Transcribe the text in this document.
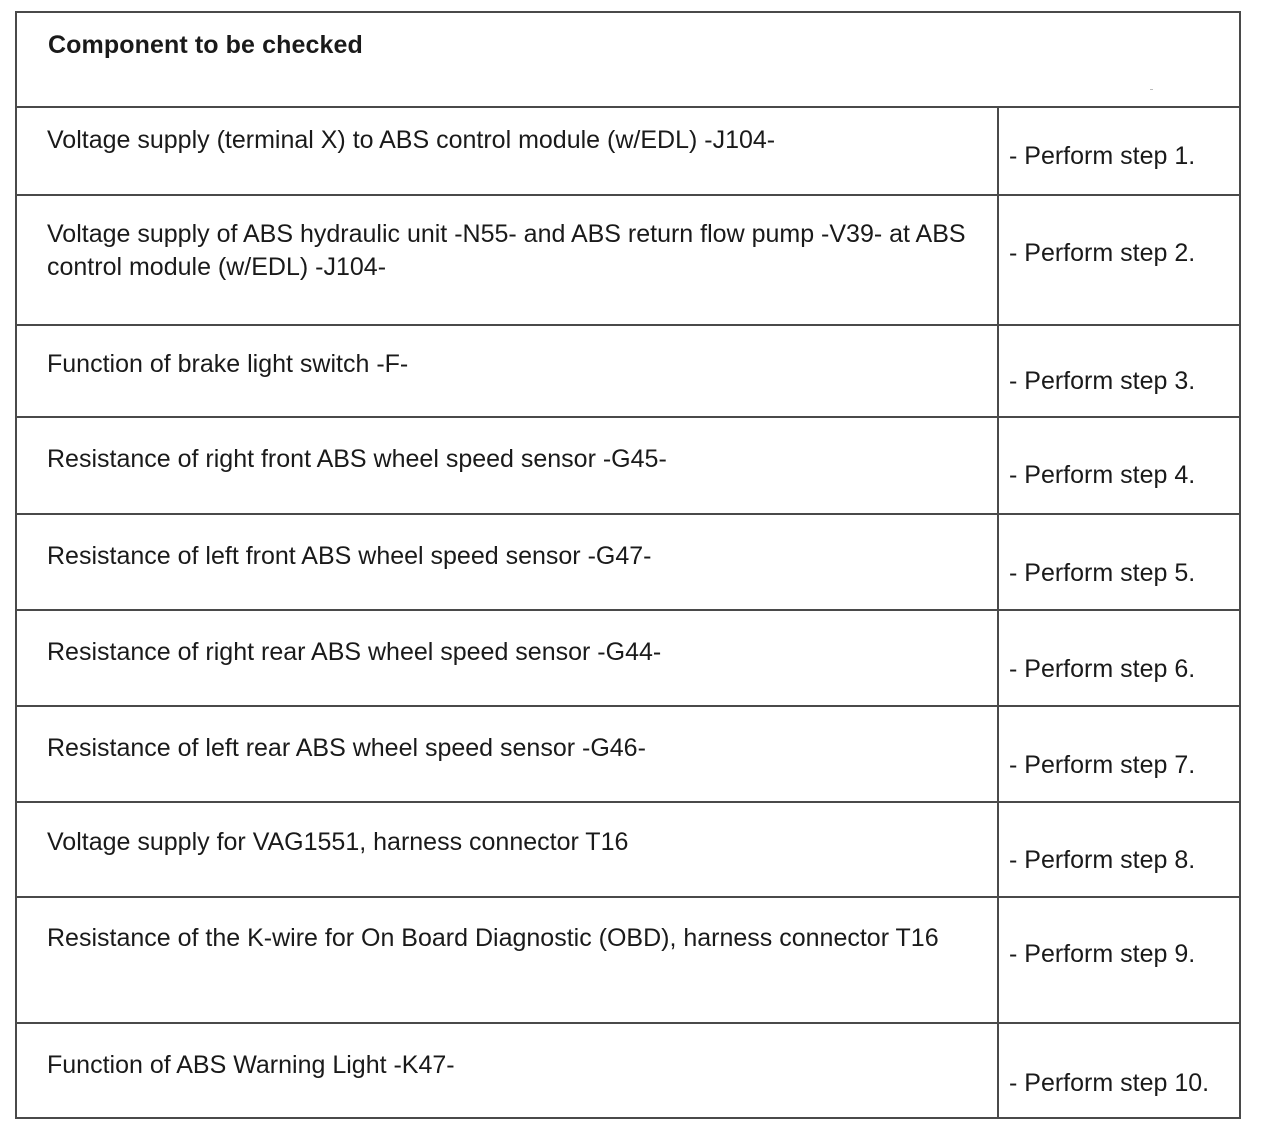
Component to be checked	

Voltage supply (terminal X) to ABS control module (w/EDL) -J104-	- Perform step 1.

Voltage supply of ABS hydraulic unit -N55- and ABS return flow pump -V39- at ABS control module (w/EDL) -J104-	- Perform step 2.

Function of brake light switch -F-	- Perform step 3.

Resistance of right front ABS wheel speed sensor -G45-	- Perform step 4.

Resistance of left front ABS wheel speed sensor -G47-	- Perform step 5.

Resistance of right rear ABS wheel speed sensor -G44-	- Perform step 6.

Resistance of left rear ABS wheel speed sensor -G46-	- Perform step 7.

Voltage supply for VAG1551, harness connector T16	- Perform step 8.

Resistance of the K-wire for On Board Diagnostic (OBD), harness connector T16	- Perform step 9.

Function of ABS Warning Light -K47-	- Perform step 10.
